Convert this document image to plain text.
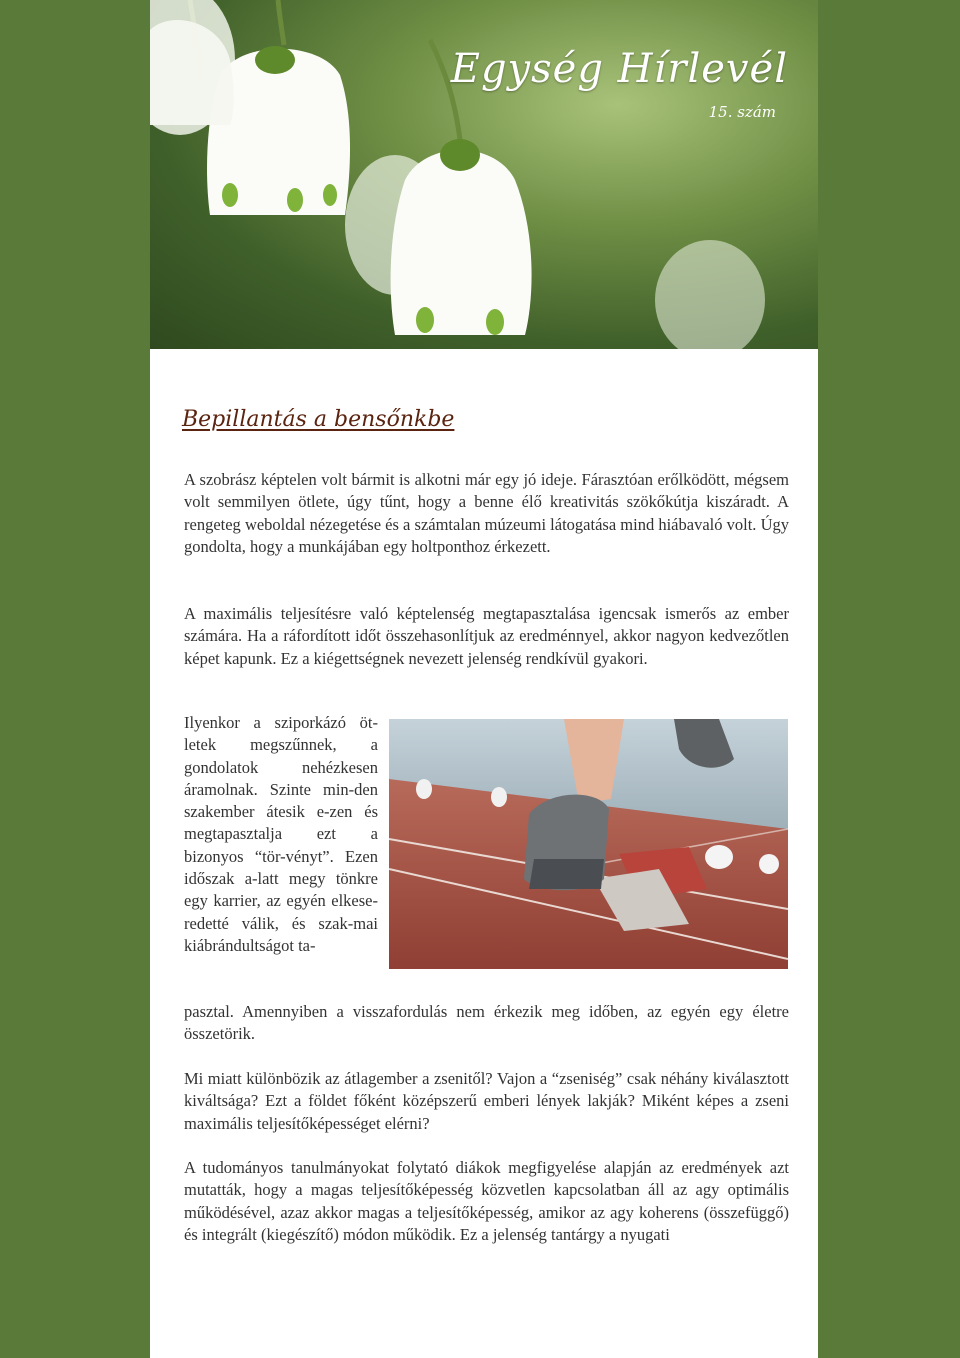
Egység Hírlevél
15. szám
Bepillantás a bensőnkbe

A szobrász képtelen volt bármit is alkotni már egy jó ideje. Fárasztóan erőlködött, mégsem volt semmilyen ötlete, úgy tűnt, hogy a benne élő kreativitás szökőkútja kiszáradt. A rengeteg weboldal nézegetése és a számtalan múzeumi látogatása mind hiábavaló volt. Úgy gondolta, hogy a munkájában egy holtponthoz érkezett.

A maximális teljesítésre való képtelenség megtapasztalása igencsak ismerős az ember számára. Ha a ráfordított időt összehasonlítjuk az eredménnyel, akkor nagyon kedvezőtlen képet kapunk. Ez a kiégettségnek nevezett jelenség rendkívül gyakori.

Ilyenkor a sziporkázó öt-letek megszűnnek, a gondolatok nehézkesen áramolnak. Szinte min-den szakember átesik e-zen és megtapasztalja ezt a bizonyos “tör-vényt”. Ezen időszak a-latt megy tönkre egy karrier, az egyén elkese-redetté válik, és szak-mai kiábrándultságot ta-

pasztal. Amennyiben a visszafordulás nem érkezik meg időben, az egyén egy életre összetörik.

Mi miatt különbözik az átlagember a zsenitől? Vajon a “zseniség” csak néhány kiválasztott kiváltsága? Ezt a földet főként középszerű emberi lények lakják? Miként képes a zseni maximális teljesítőképességet elérni?

A tudományos tanulmányokat folytató diákok megfigyelése alapján az eredmények azt mutatták, hogy a magas teljesítőképesség közvetlen kapcsolatban áll az agy optimális működésével, azaz akkor magas a teljesítőképesség, amikor az agy koherens (összefüggő) és integrált (kiegészítő) módon működik. Ez a jelenség tantárgy a nyugati
